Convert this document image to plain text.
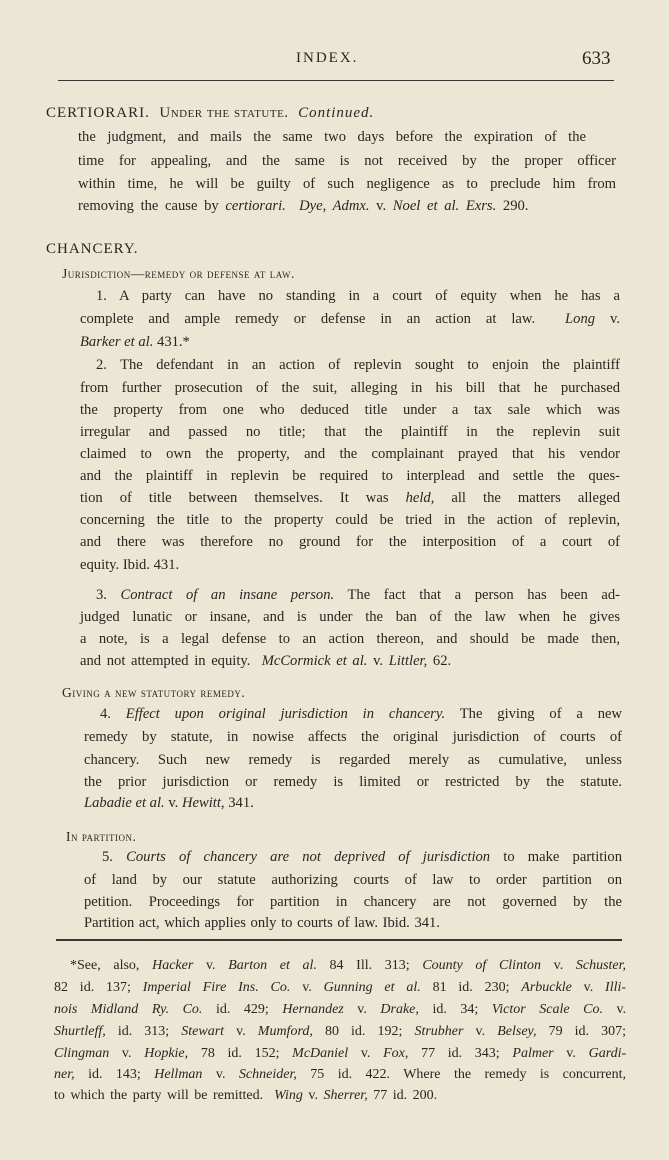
INDEX.	633
CERTIORARI. Under the statute. Continued.
the judgment, and mails the same two days before the expiration of the
time for appealing, and the same is not received by the proper officer
within time, he will be guilty of such negligence as to preclude him from
removing the cause by certiorari. Dye, Admx. v. Noel et al. Exrs. 290.
CHANCERY.
Jurisdiction—remedy or defense at law.
1. A party can have no standing in a court of equity when he has a
complete and ample remedy or defense in an action at law. Long v.
Barker et al. 431.*
2. The defendant in an action of replevin sought to enjoin the plaintiff
from further prosecution of the suit, alleging in his bill that he purchased
the property from one who deduced title under a tax sale which was
irregular and passed no title; that the plaintiff in the replevin suit
claimed to own the property, and the complainant prayed that his vendor
and the plaintiff in replevin be required to interplead and settle the ques-
tion of title between themselves. It was held, all the matters alleged
concerning the title to the property could be tried in the action of replevin,
and there was therefore no ground for the interposition of a court of
equity. Ibid. 431.
3. Contract of an insane person. The fact that a person has been ad-
judged lunatic or insane, and is under the ban of the law when he gives
a note, is a legal defense to an action thereon, and should be made then,
and not attempted in equity. McCormick et al. v. Littler, 62.
Giving a new statutory remedy.
4. Effect upon original jurisdiction in chancery. The giving of a new
remedy by statute, in nowise affects the original jurisdiction of courts of
chancery. Such new remedy is regarded merely as cumulative, unless
the prior jurisdiction or remedy is limited or restricted by the statute.
Labadie et al. v. Hewitt, 341.
In partition.
5. Courts of chancery are not deprived of jurisdiction to make partition
of land by our statute authorizing courts of law to order partition on
petition. Proceedings for partition in chancery are not governed by the
Partition act, which applies only to courts of law. Ibid. 341.
*See, also, Hacker v. Barton et al. 84 Ill. 313; County of Clinton v. Schuster,
82 id. 137; Imperial Fire Ins. Co. v. Gunning et al. 81 id. 230; Arbuckle v. Illi-
nois Midland Ry. Co. id. 429; Hernandez v. Drake, id. 34; Victor Scale Co. v.
Shurtleff, id. 313; Stewart v. Mumford, 80 id. 192; Strubher v. Belsey, 79 id. 307;
Clingman v. Hopkie, 78 id. 152; McDaniel v. Fox, 77 id. 343; Palmer v. Gardi-
ner, id. 143; Hellman v. Schneider, 75 id. 422. Where the remedy is concurrent,
to which the party will be remitted. Wing v. Sherrer, 77 id. 200.
